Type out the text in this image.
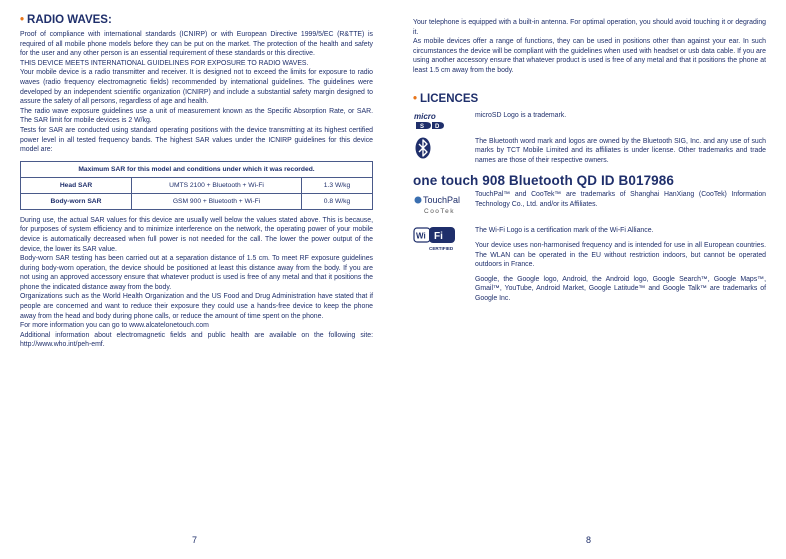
• RADIO WAVES:

Proof of compliance with international standards (ICNIRP) or with European Directive 1999/5/EC (R&TTE) is required of all mobile phone models before they can be put on the market. The protection of the health and safety for the user and any other person is an essential requirement of these standards or this directive.

THIS DEVICE MEETS INTERNATIONAL GUIDELINES FOR EXPOSURE TO RADIO WAVES.

Your mobile device is a radio transmitter and receiver. It is designed not to exceed the limits for exposure to radio waves (radio frequency electromagnetic fields) recommended by international guidelines. The guidelines were developed by an independent scientific organization (ICNIRP) and include a substantial safety margin designed to assure the safety of all persons, regardless of age and health.

The radio wave exposure guidelines use a unit of measurement known as the Specific Absorption Rate, or SAR. The SAR limit for mobile devices is 2 W/kg.

Tests for SAR are conducted using standard operating positions with the device transmitting at its highest certified power level in all tested frequency bands. The highest SAR values under the ICNIRP guidelines for this device model are:

Maximum SAR for this model and conditions under which it was recorded.		
Head SAR	UMTS 2100 + Bluetooth + Wi-Fi	1.3 W/kg
Body-worn SAR	GSM 900 + Bluetooth + Wi-Fi	0.8 W/kg

During use, the actual SAR values for this device are usually well below the values stated above. This is because, for purposes of system efficiency and to minimize interference on the network, the operating power of your mobile device is automatically decreased when full power is not needed for the call. The lower the power output of the device, the lower its SAR value.

Body-worn SAR testing has been carried out at a separation distance of 1.5 cm. To meet RF exposure guidelines during body-worn operation, the device should be positioned at least this distance away from the body. If you are not using an approved accessory ensure that whatever product is used is free of any metal and that it positions the phone the indicated distance away from the body.

Organizations such as the World Health Organization and the US Food and Drug Administration have stated that if people are concerned and want to reduce their exposure they could use a hands-free device to keep the phone away from the head and body during phone calls, or reduce the amount of time spent on the phone.

For more information you can go to www.alcatelonetouch.com

Additional information about electromagnetic fields and public health are available on the following site: http://www.who.int/peh-emf.

7

Your telephone is equipped with a built-in antenna. For optimal operation, you should avoid touching it or degrading it.

As mobile devices offer a range of functions, they can be used in positions other than against your ear. In such circumstances the device will be compliant with the guidelines when used with headset or usb data cable. If you are using another accessory ensure that whatever product is used is free of any metal and that it positions the phone at least 1.5 cm away from the body.

• LICENCES
micro
S D

microSD Logo is a trademark.

The Bluetooth word mark and logos are owned by the Bluetooth SIG, Inc. and any use of such marks by TCT Mobile Limited and its affiliates is under license. Other trademarks and trade names are those of their respective owners.

one touch 908 Bluetooth QD ID B017986
TouchPal
CooTek

TouchPal™ and CooTek™ are trademarks of Shanghai HanXiang (CooTek) Information Technology Co., Ltd. and/or its Affiliates.

Wi Fi
CERTIFIED

The Wi-Fi Logo is a certification mark of the Wi-Fi Alliance.

Your device uses non-harmonised frequency and is intended for use in all European countries. The WLAN can be operated in the EU without restriction indoors, but cannot be operated outdoors in France.

Google, the Google logo, Android, the Android logo, Google Search™, Google Maps™, Gmail™, YouTube, Android Market, Google Latitude™ and Google Talk™ are trademarks of Google Inc.

8
